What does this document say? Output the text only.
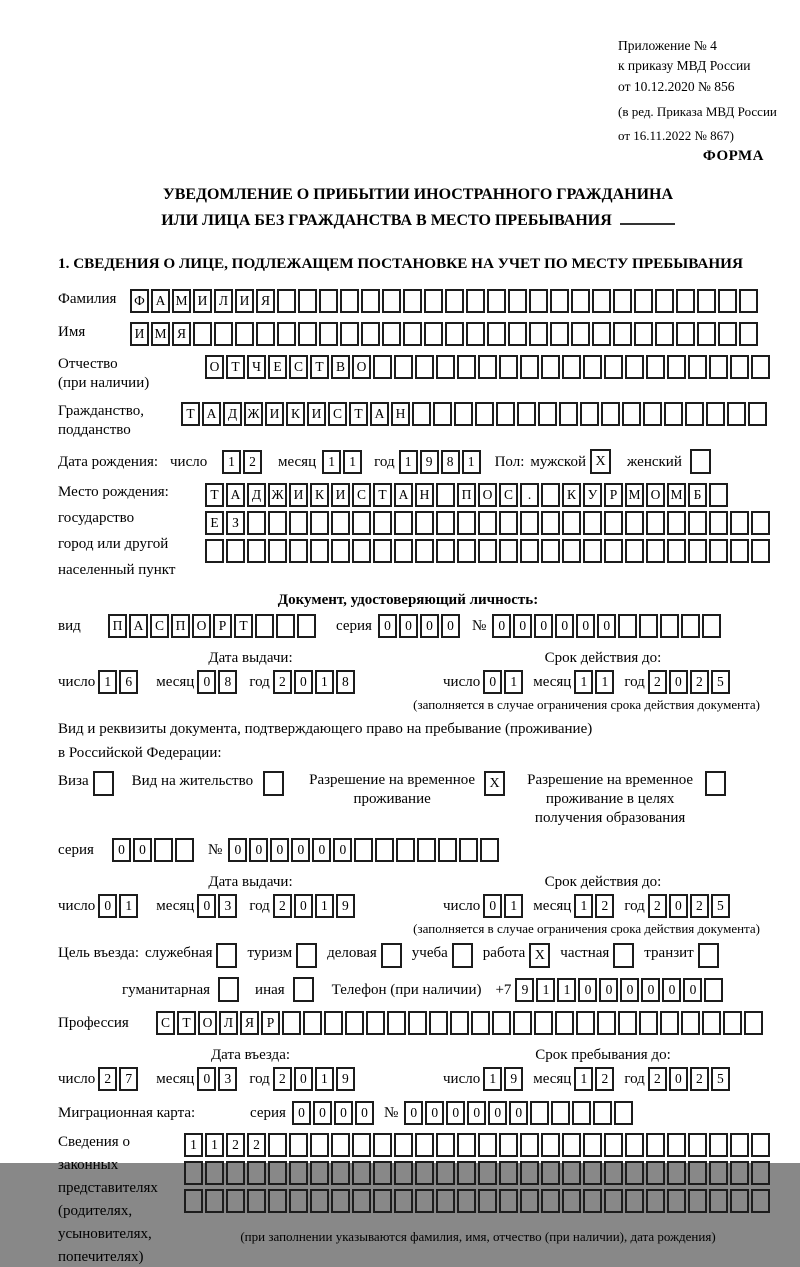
Приложение № 4
к приказу МВД России
от 10.12.2020 № 856
(в ред. Приказа МВД России
от 16.11.2022 № 867)
ФОРМА
УВЕДОМЛЕНИЕ О ПРИБЫТИИ ИНОСТРАННОГО ГРАЖДАНИНА
ИЛИ ЛИЦА БЕЗ ГРАЖДАНСТВА В МЕСТО ПРЕБЫВАНИЯ
1. СВЕДЕНИЯ О ЛИЦЕ, ПОДЛЕЖАЩЕМ ПОСТАНОВКЕ НА УЧЕТ ПО МЕСТУ ПРЕБЫВАНИЯ
Фамилия	Ф А М И Л И Я
Имя	И М Я
Отчество
(при наличии)
О Т Ч Е С Т В О
Гражданство,
подданство
Т А Д Ж И К И С Т А Н
Дата рождения: число	1	2	месяц 1	1	год 1	9	8	1	Пол: мужской X	женский
Место рождения:
государство
город или другой
населенный пункт
Т А Д Ж И К И С Т А Н	П О С	.	К У Р М О М Б
Е З
Документ, удостоверяющий личность:
вид	П А С П О Р Т	серия 0	0	0	0	№ 0	0	0	0	0	0
Дата выдачи:	Срок действия до:
число 1	6	месяц 0	8	год 2	0	1	8	число 0	1	месяц 1	1	год 2	0	2	5
(заполняется в случае ограничения срока действия документа)
Вид и реквизиты документа, подтверждающего право на пребывание (проживание)
в Российской Федерации:
Виза	Вид на жительство	Разрешение на временное
проживание
X	Разрешение на временное
проживание в целях
получения образования
серия	0	0	№ 0	0	0	0	0	0
Дата выдачи:	Срок действия до:
число 0	1	месяц 0	3	год 2	0	1	9	число 0	1	месяц 1	2	год 2	0	2	5
(заполняется в случае ограничения срока действия документа)
Цель въезда: служебная туризм деловая учеба работа X	частная транзит
гуманитарная	иная	Телефон (при наличии) +7 9	1	1	0	0	0	0	0	0
Профессия	С Т О Л Я Р
Дата въезда:	Срок пребывания до:
число 2	7	месяц 0	3	год 2	0	1	9	число 1	9	месяц 1	2	год 2	0	2	5
Миграционная карта:	серия 0	0	0	0	№ 0	0	0	0	0	0
Сведения о
законных
представителях
(родителях,
усыновителях,
попечителях)
1	1	2	2
(при заполнении указываются фамилия, имя, отчество (при наличии), дата рождения)
